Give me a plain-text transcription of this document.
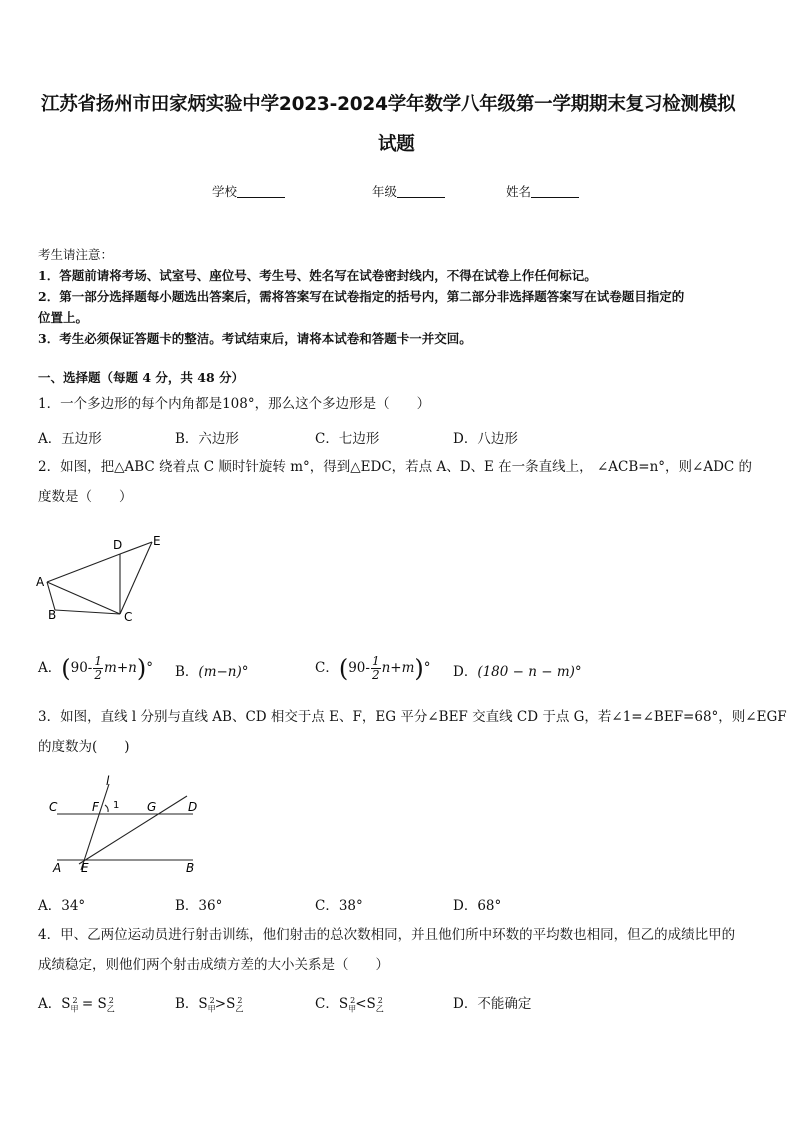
江苏省扬州市田家炳实验中学2023-2024学年数学八年级第一学期期末复习检测模拟
试题
学校	年级	姓名
考生请注意：
1．答题前请将考场、试室号、座位号、考生号、姓名写在试卷密封线内，不得在试卷上作任何标记。
2．第一部分选择题每小题选出答案后，需将答案写在试卷指定的括号内，第二部分非选择题答案写在试卷题目指定的
位置上。
3．考生必须保证答题卡的整洁。考试结束后，请将本试卷和答题卡一并交回。
一、选择题（每题 4 分，共 48 分）
1．一个多边形的每个内角都是108°，那么这个多边形是（　　）
A．五边形	B．六边形	C．七边形	D．八边形
2．如图，把△ABC 绕着点 C 顺时针旋转 m°，得到△EDC，若点 A、D、E 在一条直线上， ∠ACB=n°，则∠ADC 的
度数是（　　）
D	E
A
B	C
A．$(90- \frac{1}{2} m+n)^\circ$ B．(m−n)°	C．$(90- \frac{1}{2} n+m)^\circ$ D．(180 − n − m)°
3．如图，直线 l 分别与直线 AB、CD 相交于点 E、F，EG 平分∠BEF 交直线 CD 于点 G，若∠1=∠BEF=68°，则∠EGF
的度数为(　　)
l
C	F 1 G	D
A E	B
A．34°	B．36°	C．38°	D．68°
4．甲、乙两位运动员进行射击训练，他们射击的总次数相同，并且他们所中环数的平均数也相同，但乙的成绩比甲的
成绩稳定，则他们两个射击成绩方差的大小关系是（　　）
A．$S_甲^2 = S_乙^2$	B．$S_甲^2>S_乙^2$	C．$S_甲^2<S_乙^2$	D．不能确定
